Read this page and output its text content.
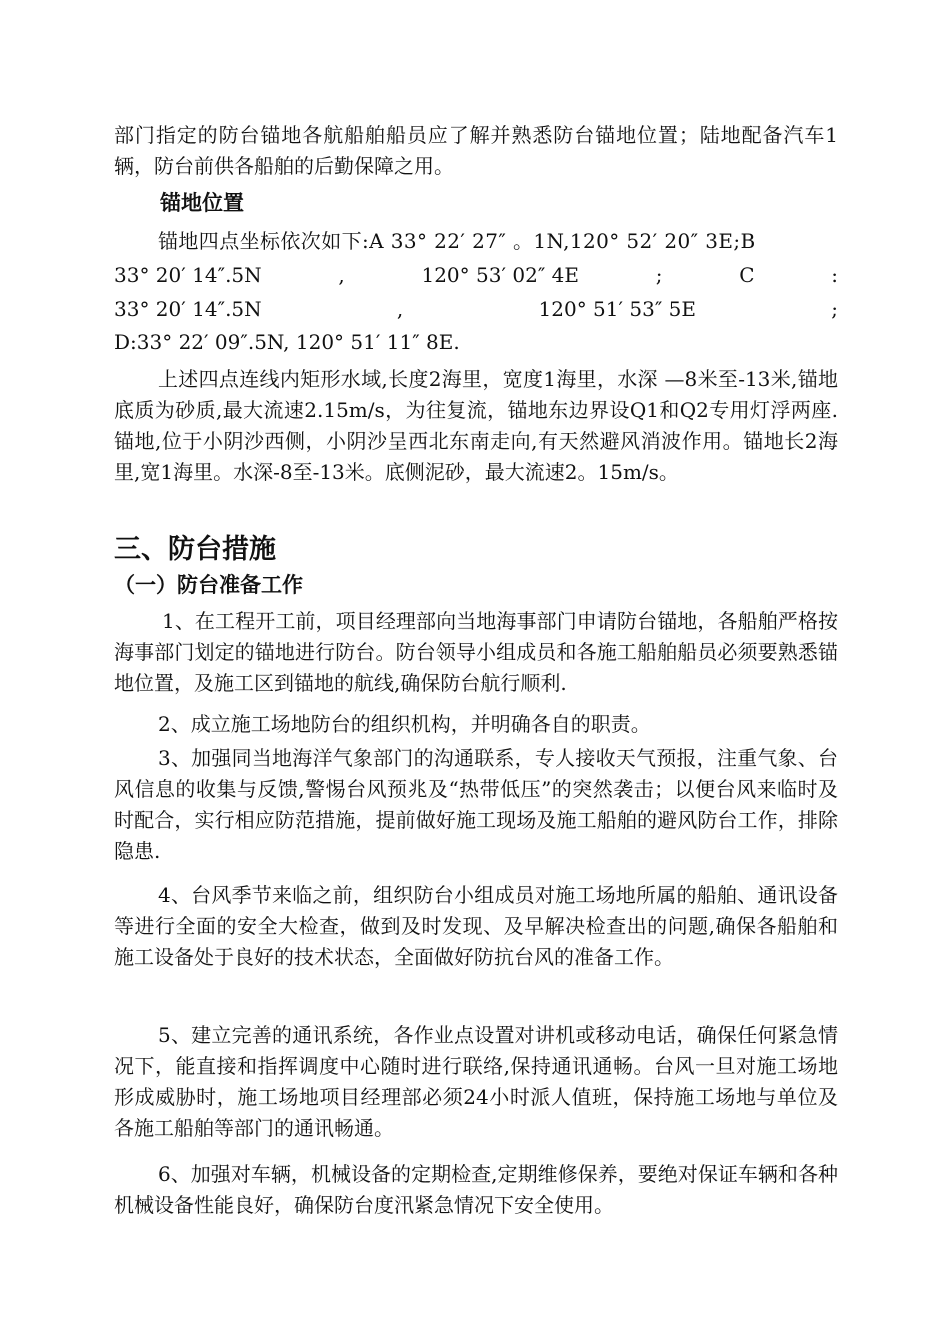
部门指定的防台锚地各航船舶船员应了解并熟悉防台锚地位置；陆地配备汽车1辆，防台前供各船舶的后勤保障之用。
锚地位置
锚地四点坐标依次如下:A 33° 22′ 27″ 。1N,120° 52′ 20″ 3E;B
33° 20′ 14″.5N	,	120° 53′ 02″ 4E	;	C	:
33° 20′ 14″.5N	,	120° 51′ 53″ 5E	;
D:33° 22′ 09″.5N, 120° 51′ 11″ 8E.
上述四点连线内矩形水域,长度2海里，宽度1海里，水深 —8米至-13米,锚地底质为砂质,最大流速2.15m/s，为往复流，锚地东边界设Q1和Q2专用灯浮两座.锚地,位于小阴沙西侧，小阴沙呈西北东南走向,有天然避风消波作用。锚地长2海里,宽1海里。水深-8至-13米。底侧泥砂，最大流速2。15m/s。
三、防台措施
（一）防台准备工作
1、在工程开工前，项目经理部向当地海事部门申请防台锚地，各船舶严格按海事部门划定的锚地进行防台。防台领导小组成员和各施工船舶船员必须要熟悉锚地位置，及施工区到锚地的航线,确保防台航行顺利.
2、成立施工场地防台的组织机构，并明确各自的职责。
3、加强同当地海洋气象部门的沟通联系，专人接收天气预报，注重气象、台风信息的收集与反馈,警惕台风预兆及“热带低压”的突然袭击；以便台风来临时及时配合，实行相应防范措施，提前做好施工现场及施工船舶的避风防台工作，排除隐患.
4、台风季节来临之前，组织防台小组成员对施工场地所属的船舶、通讯设备等进行全面的安全大检查，做到及时发现、及早解决检查出的问题,确保各船舶和施工设备处于良好的技术状态，全面做好防抗台风的准备工作。
5、建立完善的通讯系统，各作业点设置对讲机或移动电话，确保任何紧急情况下，能直接和指挥调度中心随时进行联络,保持通讯通畅。台风一旦对施工场地形成威胁时，施工场地项目经理部必须24小时派人值班，保持施工场地与单位及各施工船舶等部门的通讯畅通。
6、加强对车辆，机械设备的定期检查,定期维修保养，要绝对保证车辆和各种机械设备性能良好，确保防台度汛紧急情况下安全使用。
